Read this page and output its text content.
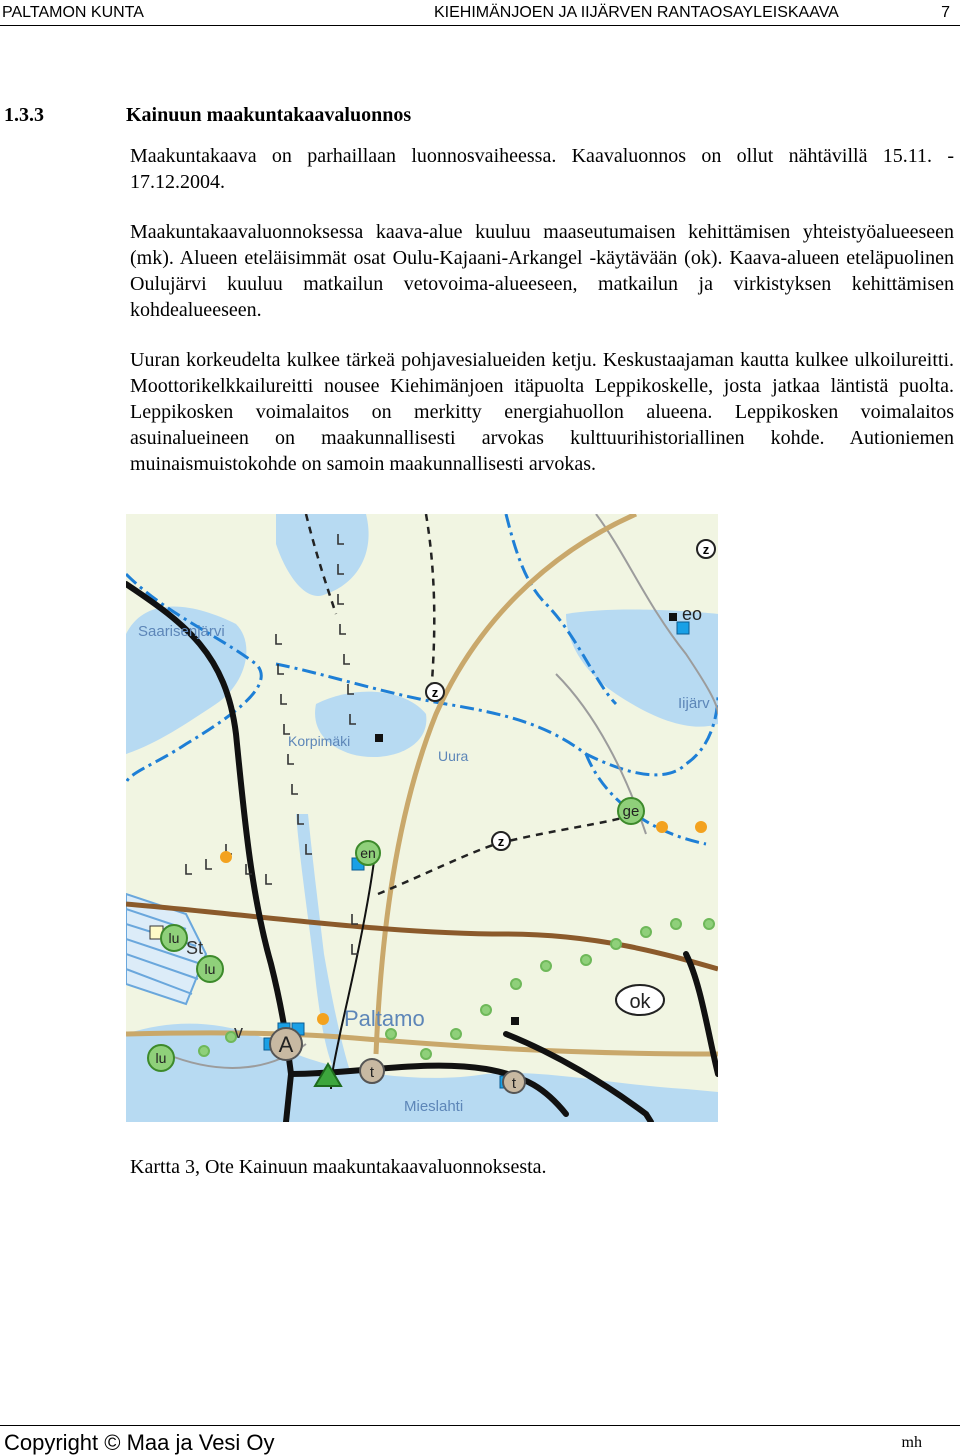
PALTAMON KUNTA	KIEHIMÄNJOEN JA IIJÄRVEN RANTAOSAYLEISKAAVA	7
1.3.3	Kainuun maakuntakaavaluonnos

Maakuntakaava on parhaillaan luonnosvaiheessa. Kaavaluonnos on ollut nähtävillä 15.11. - 17.12.2004.

Maakuntakaavaluonnoksessa kaava-alue kuuluu maaseutumaisen kehittämisen yhteistyöalueeseen (mk). Alueen eteläisimmät osat Oulu-Kajaani-Arkangel -käytävään (ok). Kaava-alueen eteläpuolinen Oulujärvi kuuluu matkailun vetovoima-alueeseen, matkailun ja virkistyksen kehittämisen kohdealueeseen.

Uuran korkeudelta kulkee tärkeä pohjavesialueiden ketju. Keskustaajaman kautta kulkee ulkoilureitti. Moottorikelkkailureitti nousee Kiehimänjoen itäpuolta Leppikoskelle, josta jatkaa läntistä puolta. Leppikosken voimalaitos on merkitty energiahuollon alueena. Leppikosken voimalaitos asuinalueineen on maakunnallisesti arvokas kulttuurihistoriallinen kohde. Autioniemen muinaismuistokohde on samoin maakunnallisesti arvokas.

z
z
z
eo
ge
en
ok
lu
lu
lu
A
t
t
St
v
Saarisenjärvi
Korpimäki
Uura
Iijärv
Paltamo
Mieslahti
Kartta 3, Ote Kainuun maakuntakaavaluonnoksesta.
Copyright © Maa ja Vesi Oy	mh
